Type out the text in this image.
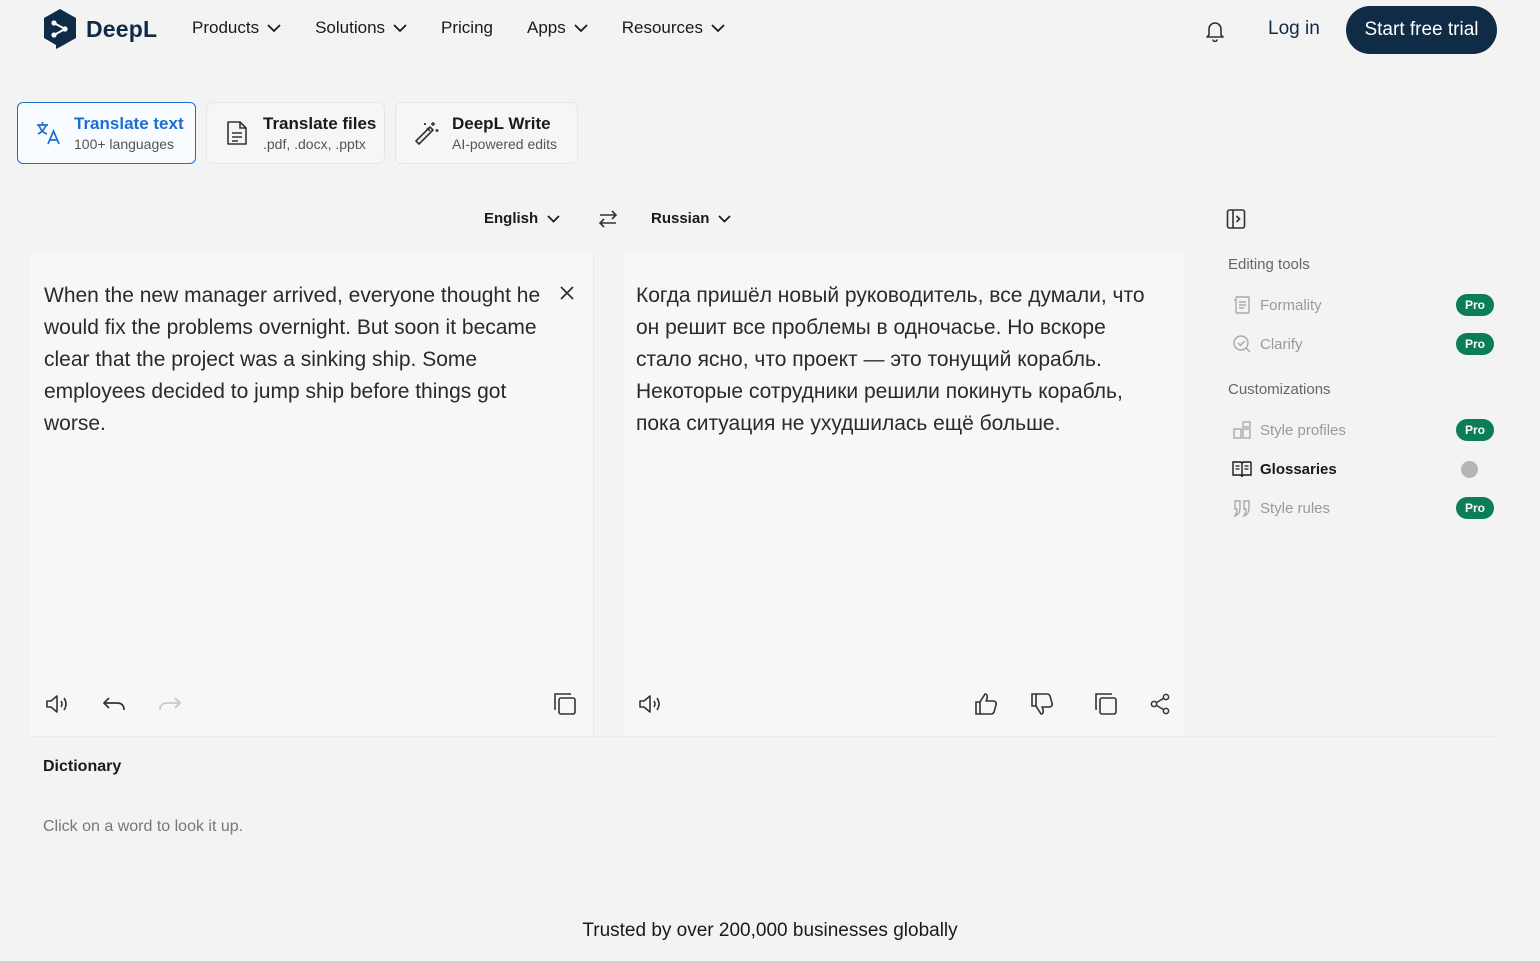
DeepL Products	Solutions	Pricing Apps	Resources	Log in	Start free trial
Translate text
100+ languages
Translate files
.pdf, .docx, .pptx
DeepL Write
AI-powered edits
English	Russian
When the new manager arrived, everyone thought he would fix the problems overnight. But soon it became clear that the project was a sinking ship. Some employees decided to jump ship before things got worse.
Когда пришёл новый руководитель, все думали, что он решит все проблемы в одночасье. Но вскоре стало ясно, что проект — это тонущий корабль. Некоторые сотрудники решили покинуть корабль, пока ситуация не ухудшилась ещё больше.
Editing tools
Formality	Pro
Clarify	Pro
Customizations
Style profiles	Pro
Glossaries
Style rules	Pro
Dictionary
Click on a word to look it up.
Trusted by over 200,000 businesses globally
